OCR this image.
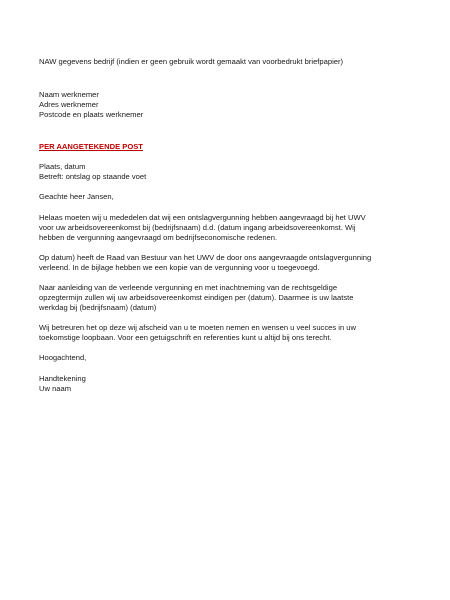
NAW gegevens bedrijf (indien er geen gebruik wordt gemaakt van voorbedrukt briefpapier)

Naam werknemer

Adres werknemer

Postcode en plaats werknemer

PER AANGETEKENDE POST

Plaats, datum

Betreft: ontslag op staande voet

Geachte heer Jansen,

Helaas moeten wij u mededelen dat wij een ontslagvergunning hebben aangevraagd bij het UWV

voor uw arbeidsovereenkomst bij (bedrijfsnaam) d.d. (datum ingang arbeidsovereenkomst. Wij

hebben de vergunning aangevraagd om bedrijfseconomische redenen.

Op datum) heeft de Raad van Bestuur van het UWV de door ons aangevraagde ontslagvergunning

verleend. In de bijlage hebben we een kopie van de vergunning voor u toegevoegd.

Naar aanleiding van de verleende vergunning en met inachtneming van de rechtsgeldige

opzegtermijn zullen wij uw arbeidsovereenkomst eindigen per (datum). Daarmee is uw laatste

werkdag bij (bedrijfsnaam) (datum)

Wij betreuren het op deze wij afscheid van u te moeten nemen en wensen u veel succes in uw

toekomstige loopbaan. Voor een getuigschrift en referenties kunt u altijd bij ons terecht.

Hoogachtend,

Handtekening

Uw naam
